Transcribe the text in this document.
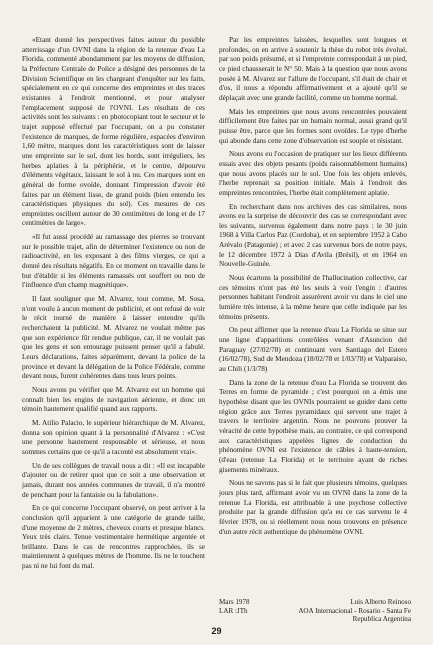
«Etant donné les perspectives faites autour du possible atterrissage d'un OVNI dans la région de la retenue d'eau La Florida, commenté abondamment par les moyens de diffusion, la Préfecture Centrale de Police a désigné des personnes de la Division Scientifique en les chargeant d'enquêter sur les faits, spécialement en ce qui concerne des empreintes et des traces existantes à l'endroit mentionné, et pour analyser l'emplacement supposé de l'OVNI. Les résultats de ces activités sont les suivants : en photocopiant tout le secteur et le trajet supposé effectué par l'occupant, on a pu constater l'existence de marques, de forme régulière, espacées d'environ 1,60 mètre, marques dont les caractéristiques sont de laisser une empreinte sur le sol, dont les bords, sont irréguliers, les herbes aplaties à la périphérie, et le centre, dépourvu d'éléments végétaux, laissant le sol à nu. Ces marques sont en général de forme ovoïde, donnant l'impression d'avoir été faites par un élément lisse, de grand poids (bien entendu les caractéristiques physiques du sol). Ces mesures de ces empreintes oscillent autour de 30 centimètres de long et de 17 centimètres de large».

«Il fut aussi procédé au ramassage des pierres se trouvant sur le possible trajet, afin de déterminer l'existence ou non de radioactivité, en les exposant à des films vierges, ce qui a donné des résultats négatifs. En ce moment on travaille dans le but d'établir si les éléments ramassés ont souffert ou non de l'influence d'un champ magnétique».

Il faut souligner que M. Alvarez, tout comme, M. Sosa, n'ont voulu à aucun moment de publicité, et ont refusé de voir le récit tourné de manière à laisser entendre qu'ils recherchaient la publicité. M. Alvarez ne voulait même pas que son expérience fût rendue publique, car, il ne voulait pas que les gens et son entourage puissent penser qu'il a fabulé. Leurs déclarations, faites séparément, devant la police de la province et devant la délégation de la Police Fédérale, comme devant nous, furent cohérentes dans tous leurs points.

Nous avons pu vérifier que M. Alvarez est un homme qui connaît bien les engins de navigation aérienne, et donc un témoin hautement qualifié quand aux rapports.

M. Atilio Palacio, le supérieur hiérarchique de M. Alvarez, donna son opinion quant à la personnalité d'Alvarez : «C'est une personne hautement responsable et sérieuse, et nous sommes certains que ce qu'il a raconté est absolument vrai».

Un de ses collègues de travail nous a dit : «Il est incapable d'ajouter ou de retirer quoi que ce soit a une observation et jamais, durant nos années communes de travail, il n'a montré de penchant pour la fantaisie ou la fabulation».

En ce qui concerne l'occupant observé, on peut arriver à la conclusion qu'il apparient à une catégorie de grande taille, d'une moyenne de 2 mètres, cheveux courts et presque blancs. Yeux très clairs. Tenue vestimentaire hermétique argentée et brillante. Dans le cas de rencontres rapprochées, ils se maintiennent à quelques mètres de l'homme. Ils ne le touchent pas ni ne lui font du mal.

Par les empreintes laissées, lesquelles sont longues et profondes, on en arrive à soutenir la thèse du robot très évolué, par son poids présumé, et si l'empreinte correspondait à un pied, ce pied chausserait le N° 50. Mais à la question que nous avons posée à M. Alvarez sur l'allure de l'occupant, s'il était de chair et d'os, il nous a répondu affirmativement et a ajouté qu'il se déplaçait avec une grande facilité, comme un homme normal.

Mais les empreintes que nous avons rencontrées pouvaient difficilement être faites par un humain normal, aussi grand qu'il puisse être, parce que les formes sont ovoïdes. Le type d'herbe qui abonde dans cette zone d'observation est souple et résistant.

Nous avons eu l'occasion de pratiquer sur les lieux différents essais avec des objets pesants (poids raisonnablement humains) que nous avons placés sur le sol. Une fois les objets enlevés, l'herbe reprenait sa position initiale. Mais à l'endroit des empreintes rencontrées, l'herbe était complètement aplatie.

En recherchant dans nos archives des cas similaires, nous avons eu la surprise de découvrir des cas se correspondant avec les suivants, survenus également dans notre pays : le 30 juin 1968 à Villa Carlos Paz (Cordoba), et en septembre 1952 à Cabo Arévalo (Patagonie) ; et avec 2 cas survenus hors de notre pays, le 12 décembre 1972 à Dias d'Avila (Brésil), et en 1964 en Nouvelle-Guinée.

Nous écartons la possibilité de l'hallucination collective, car ces témoins n'ont pas été les seuls à voir l'engin : d'autres personnes habitant l'endroit assurèrent avoir vu dans le ciel une lumière très intense, à la même heure que celle indiquée par les témoins présents.

On peut affirmer que la retenue d'eau La Florida se situe sur une ligne d'apparitions contrôlées venant d'Asuncion del Paraguay (27/02/78) et continuant vers Santiago del Estero (16/02/78), Sud de Mendoza (18/02/78 et 1/03/78) et Valparaiso, au Chili (1/3/78)

Dans la zone de la retenue d'eau La Florida se trouvent des Terres en forme de pyramide ; c'est pourquoi on a émis une hypothèse disant que les OVNIs pourraient se guider dans cette région grâce aux Terres pyramidaux qui servent une trajet à travers le territoire argentin. Nous ne pouvons prouver la véracité de cette hypothèse mais, au contraire, ce qui correspond aux caractéristiques appelées lignes de conduction du phénomène OVNI est l'existence de câbles à haute-tension, (d'eau (retenue La Florida) et le territoire ayant de riches gisements minéraux.

Nous ne savons pas si le fait que plusieurs témoins, quelques jours plus tard, affirmant avoir vu un OVNI dans la zone de la retenue La Florida, est attribuable à une psychose collective produite par la grande diffusion qu'a eu ce cas survenu le 4 février 1978, ou si réellement nous nous trouvons en présence d'un autre récit authentique du phénomène OVNI.

Mars 1978	Luis Alberto Reinoso
LAR :JTh	AOA Internacional - Rosario - Santa Fe
Republica Argentina
29
